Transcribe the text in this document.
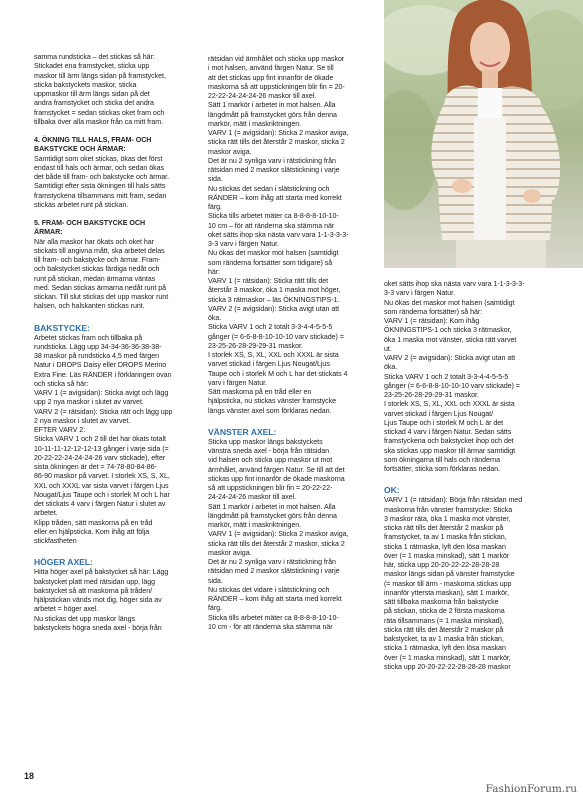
samma rundsticka – det stickas så här:
Stickadet ena framstycket, sticka upp
maskor till ärm längs sidan på framstycket,
sticka bakstyckets maskor, sticka
uppmaskor till ärm längs sidan på det
andra framstycket och sticka det andra
framstycket = sedan stickas oket fram och
tillbaka över alla maskor från ca mitt fram.

4. ÖKNING TILL HALS, FRAM- OCH
BAKSTYCKE OCH ÄRMAR:

Samtidigt som oket stickas, ökas det först
endast till hals och ärmar, och sedan ökas
det både till fram- och bakstycke och ärmar.
Samtidigt efter sista ökningen till hals sätts
framstyckena tillsammans mitt fram, sedan
stickas arbetet runt på stickan.

5. FRAM- OCH BAKSTYCKE OCH
ÄRMAR:

När alla maskor har ökats och oket har
stickats till angivna mått, ska arbetet delas
till fram- och bakstycke och ärmar. Fram-
och bakstycket stickas färdiga nedåt och
runt på stickan, medan ärmarna väntas
med. Sedan stickas ärmarna nedåt runt på
stickan. Till slut stickas det upp maskor runt
halsen, och halskanten stickas runt.

BAKSTYCKE:

Arbetet stickas fram och tillbaka på
rundsticka. Lägg upp 34-34-36-36-38-38-
38 maskor på rundsticka 4,5 med färgen
Natur i DROPS Daisy eller DROPS Merino
Extra Fine. Läs RÄNDER i förklaringen ovan
och sticka så här:
VARV 1 (= avigsidan): Sticka avigt och lägg
upp 2 nya maskor i slutet av varvet.
VARV 2 (= rätsidan): Sticka rätt och lägg upp
2 nya maskor i slutet av varvet.
EFTER VARV 2:
Sticka VARV 1 och 2 till det har ökats totalt
10-11-11-12-12-12-13 gånger i varje sida (=
20-22-22-24-24-24-26 varv stickade), efter
sista ökningen är det = 74-78-80-84-86-
86-90 maskor på varvet. I storlek XS, S, XL,
XXL och XXXL var sista varvet i färgen Ljus
Nougat/Ljus Taupe och i storlek M och L har
det stickats 4 varv i färgen Natur i slutet av
arbetet.
Klipp tråden, sätt maskorna på en tråd
eller en hjälpsticka. Kom ihåg att följa
stickfastheten

HÖGER AXEL:

Hitta höger axel på bakstycket så här: Lägg
bakstycket platt med rätsidan upp, lägg
bakstycket så att maskorna på tråden/
hjälpstickan vänds mot dig, höger sida av
arbetet = höger axel.
Nu stickas det upp maskor längs
bakstyckets högra sneda axel - börja från

rätsidan vid ärmhålet och sticka upp maskor
i mot halsen, använd färgen Natur. Se till
att det stickas upp fint innanför de ökade
maskorna så att uppstickningen blir fin = 20-
22-22-24-24-24-26 maskor till axel.
Sätt 1 markör i arbetet in mot halsen. Alla
längdmått på framstycket görs från denna
markör, mätt i maskriktningen.
VARV 1 (= avigsidan): Sticka 2 maskor aviga,
sticka rätt tills det återstår 2 maskor, sticka 2
maskor aviga.
Det är nu 2 synliga varv i rätstickning från
rätsidan med 2 maskor slätstickning i varje
sida.
Nu stickas det sedan i slätstickning och
RÄNDER – kom ihåg att starta med korrekt
färg.
Sticka tills arbetet mäter ca 8-8-8-8-10-10-
10 cm – för att ränderna ska stämma när
oket sätts ihop ska nästa varv vara 1-1-3-3-3-
3-3 varv i färgen Natur.
Nu ökas det maskor mot halsen (samtidigt
som ränderna fortsätter som tidigare) så
här:
VARV 1 (= rätsidan): Sticka rätt tills det
återstår 3 maskor, öka 1 maska mot höger,
sticka 3 rätmaskor – läs ÖKNINGSTIPS-1.
VARV 2 (= avigsidan): Sticka avigt utan att
öka.
Sticka VARV 1 och 2 totalt 3-3-4-4-5-5-5
gånger (= 6-6-8-8-10-10-10 varv stickade) =
23-25-26-28-29-29-31 maskor.
I storlek XS, S, XL, XXL och XXXL är sista
varvet stickad i färgen Ljus Nougat/Ljus
Taupe och i storlek M och L har det stickats 4
varv i färgen Natur.
Sätt maskorna på en tråd eller en
hjälpsticka, nu stickas vänster framstycke
längs vänster axel som förklaras nedan.

VÄNSTER AXEL:

Sticka upp maskor längs bakstyckets
vänstra sneda axel - börja från rätsidan
vid halsen och sticka upp maskor ut mot
ärmhålet, använd färgen Natur. Se till att det
stickas upp fint innanför de ökade maskorna
så att uppstickningen blir fin = 20-22-22-
24-24-24-26 maskor till axel.
Sätt 1 markör i arbetet in mot halsen. Alla
längdmått på framstycket görs från denna
markör, mätt i maskriktningen.
VARV 1 (= avigsidan): Sticka 2 maskor aviga,
sticka rätt tills det återstår 2 maskor, sticka 2
maskor aviga.
Det är nu 2 synliga varv i rätstickning från
rätsidan med 2 maskor slätstickning i varje
sida.
Nu stickas det vidare i slätstickning och
RÄNDER – kom ihåg att starta med korrekt
färg.
Sticka tills arbetet mäter ca 8-8-8-8-10-10-
10 cm - för att ränderna ska stämma när

oket sätts ihop ska nästa varv vara 1-1-3-3-3-
3-3 varv i färgen Natur.
Nu ökas det maskor mot halsen (samtidigt
som ränderna fortsätter) så här:
VARV 1 (= rätsidan): Kom ihåg
ÖKNINGSTIPS-1 och sticka 3 rätmaskor,
öka 1 maska mot vänster, sticka rätt varvet
ut.
VARV 2 (= avigsidan): Sticka avigt utan att
öka.
Sticka VARV 1 och 2 totalt 3-3-4-4-5-5-5
gånger (= 6-6-8-8-10-10-10 varv stickade) =
23-25-26-28-29-29-31 maskor.
I storlek XS, S, XL, XXL och XXXL är sista
varvet stickad i färgen Ljus Nougat/
Ljus Taupe och i storlek M och L är det
stickad 4 varv i färgen Natur. Sedan sätts
framstyckena och bakstycket ihop och det
ska stickas upp maskor till ärmar samtidigt
som ökningarna till hals och ränderna
fortsätter, sticka som förklaras nedan.

OK:

VARV 1 (= rätsidan): Börja från rätsidan med
maskorna från vänster framstycke: Sticka
3 maskor räta, öka 1 maska mot vänster,
sticka rätt tills det återstår 2 maskor på
framstycket, ta av 1 maska från stickan,
sticka 1 rätmaska, lyft den lösa maskan
över (= 1 maska minskad), sätt 1 markör
här, sticka upp 20-20-22-22-28-28-28
maskor längs sidan på vänster framstycke
(= maskor till ärm - maskorna stickas upp
innanför yttersta maskan), sätt 1 markör,
sätt tillbaka maskorna från bakstycke
på stickan, sticka de 2 första maskorna
räta tillsammans (= 1 maska minskad),
sticka rätt tills det återstår 2 maskor på
bakstycket, ta av 1 maska från stickan,
sticka 1 rätmaska, lyft den lösa maskan
över (= 1 maska minskad), sätt 1 markör,
sticka upp 20-20-22-22-28-28-28 maskor

18
FashionForum.ru
